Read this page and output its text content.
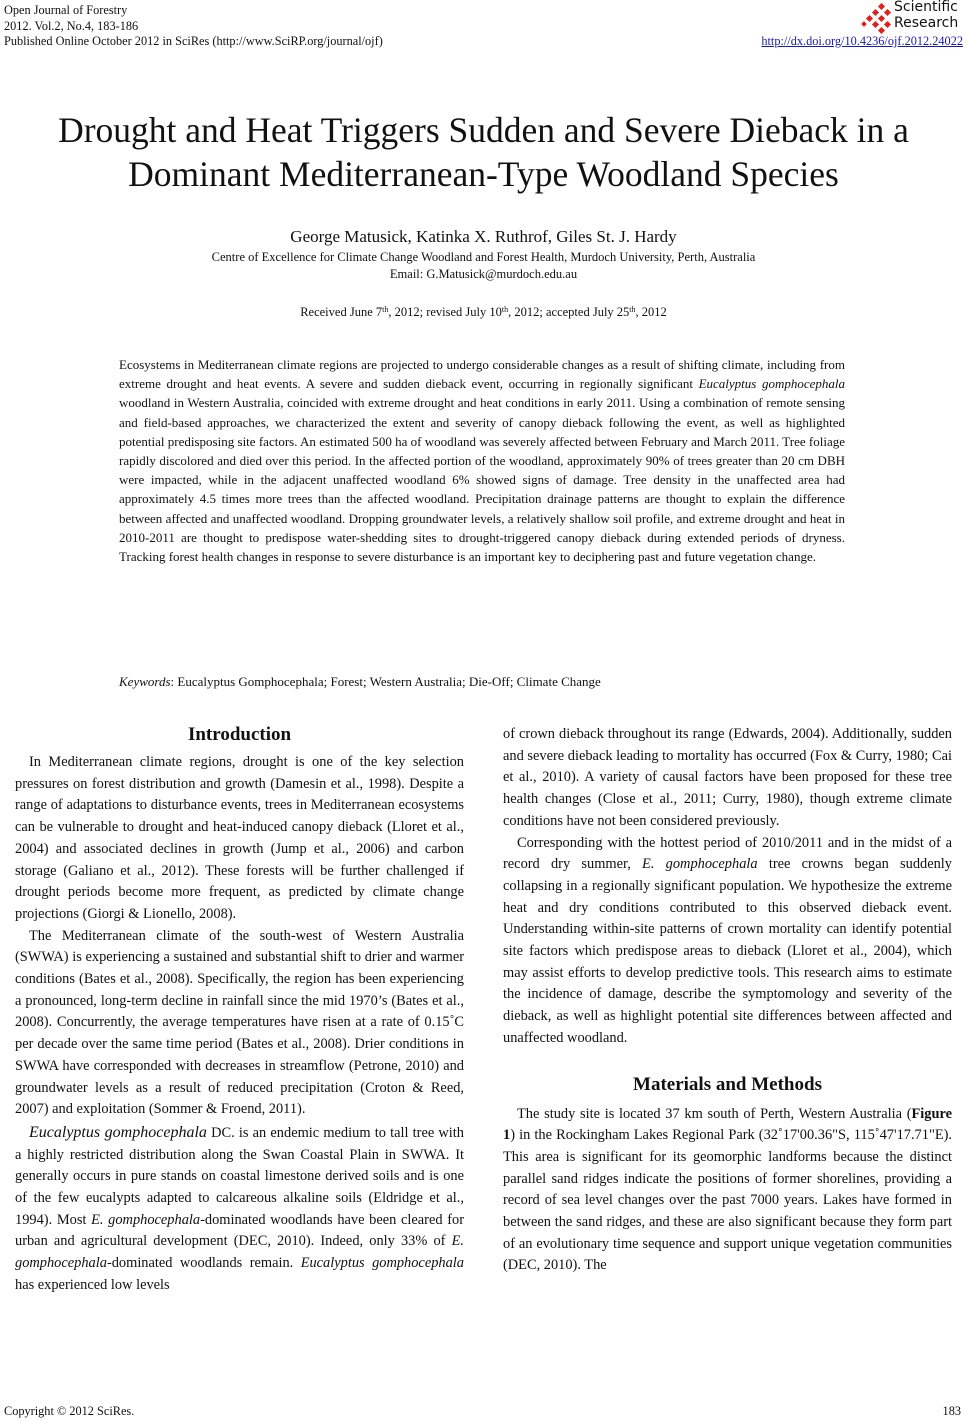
Open Journal of Forestry
2012. Vol.2, No.4, 183-186
Published Online October 2012 in SciRes (http://www.SciRP.org/journal/ojf)
Scientific
Research
http://dx.doi.org/10.4236/ojf.2012.24022
Drought and Heat Triggers Sudden and Severe Dieback in a
Dominant Mediterranean-Type Woodland Species
George Matusick, Katinka X. Ruthrof, Giles St. J. Hardy
Centre of Excellence for Climate Change Woodland and Forest Health, Murdoch University, Perth, Australia
Email: G.Matusick@murdoch.edu.au
Received June 7th, 2012; revised July 10th, 2012; accepted July 25th, 2012
Ecosystems in Mediterranean climate regions are projected to undergo considerable changes as a result of shifting climate, including from extreme drought and heat events. A severe and sudden dieback event, occurring in regionally significant Eucalyptus gomphocephala woodland in Western Australia, coincided with extreme drought and heat conditions in early 2011. Using a combination of remote sensing and field-based approaches, we characterized the extent and severity of canopy dieback following the event, as well as highlighted potential predisposing site factors. An estimated 500 ha of woodland was severely affected between February and March 2011. Tree foliage rapidly discolored and died over this period. In the affected portion of the woodland, approximately 90% of trees greater than 20 cm DBH were impacted, while in the adjacent unaffected woodland 6% showed signs of damage. Tree density in the unaffected area had approximately 4.5 times more trees than the affected woodland. Precipitation drainage patterns are thought to explain the difference between affected and unaffected woodland. Dropping groundwater levels, a relatively shallow soil profile, and extreme drought and heat in 2010-2011 are thought to predispose water-shedding sites to drought-triggered canopy dieback during extended periods of dryness. Tracking forest health changes in response to severe disturbance is an important key to deciphering past and future vegetation change.
Keywords: Eucalyptus Gomphocephala; Forest; Western Australia; Die-Off; Climate Change
Introduction

In Mediterranean climate regions, drought is one of the key selection pressures on forest distribution and growth (Damesin et al., 1998). Despite a range of adaptations to disturbance events, trees in Mediterranean ecosystems can be vulnerable to drought and heat-induced canopy dieback (Lloret et al., 2004) and associated declines in growth (Jump et al., 2006) and carbon storage (Galiano et al., 2012). These forests will be further challenged if drought periods become more frequent, as predicted by climate change projections (Giorgi & Lionello, 2008).

The Mediterranean climate of the south-west of Western Australia (SWWA) is experiencing a sustained and substantial shift to drier and warmer conditions (Bates et al., 2008). Specifically, the region has been experiencing a pronounced, long-term decline in rainfall since the mid 1970’s (Bates et al., 2008). Concurrently, the average temperatures have risen at a rate of 0.15˚C per decade over the same time period (Bates et al., 2008). Drier conditions in SWWA have corresponded with decreases in streamflow (Petrone, 2010) and groundwater levels as a result of reduced precipitation (Croton & Reed, 2007) and exploitation (Sommer & Froend, 2011).

Eucalyptus gomphocephala DC. is an endemic medium to tall tree with a highly restricted distribution along the Swan Coastal Plain in SWWA. It generally occurs in pure stands on coastal limestone derived soils and is one of the few eucalypts adapted to calcareous alkaline soils (Eldridge et al., 1994). Most E. gomphocephala-dominated woodlands have been cleared for urban and agricultural development (DEC, 2010). Indeed, only 33% of E. gomphocephala-dominated woodlands remain. Eucalyptus gomphocephala has experienced low levels

of crown dieback throughout its range (Edwards, 2004). Additionally, sudden and severe dieback leading to mortality has occurred (Fox & Curry, 1980; Cai et al., 2010). A variety of causal factors have been proposed for these tree health changes (Close et al., 2011; Curry, 1980), though extreme climate conditions have not been considered previously.

Corresponding with the hottest period of 2010/2011 and in the midst of a record dry summer, E. gomphocephala tree crowns began suddenly collapsing in a regionally significant population. We hypothesize the extreme heat and dry conditions contributed to this observed dieback event. Understanding within-site patterns of crown mortality can identify potential site factors which predispose areas to dieback (Lloret et al., 2004), which may assist efforts to develop predictive tools. This research aims to estimate the incidence of damage, describe the symptomology and severity of the dieback, as well as highlight potential site differences between affected and unaffected woodland.

Materials and Methods

The study site is located 37 km south of Perth, Western Australia (Figure 1) in the Rockingham Lakes Regional Park (32˚17'00.36"S, 115˚47'17.71"E). This area is significant for its geomorphic landforms because the distinct parallel sand ridges indicate the positions of former shorelines, providing a record of sea level changes over the past 7000 years. Lakes have formed in between the sand ridges, and these are also significant because they form part of an evolutionary time sequence and support unique vegetation communities (DEC, 2010). The

Copyright © 2012 SciRes.	183
